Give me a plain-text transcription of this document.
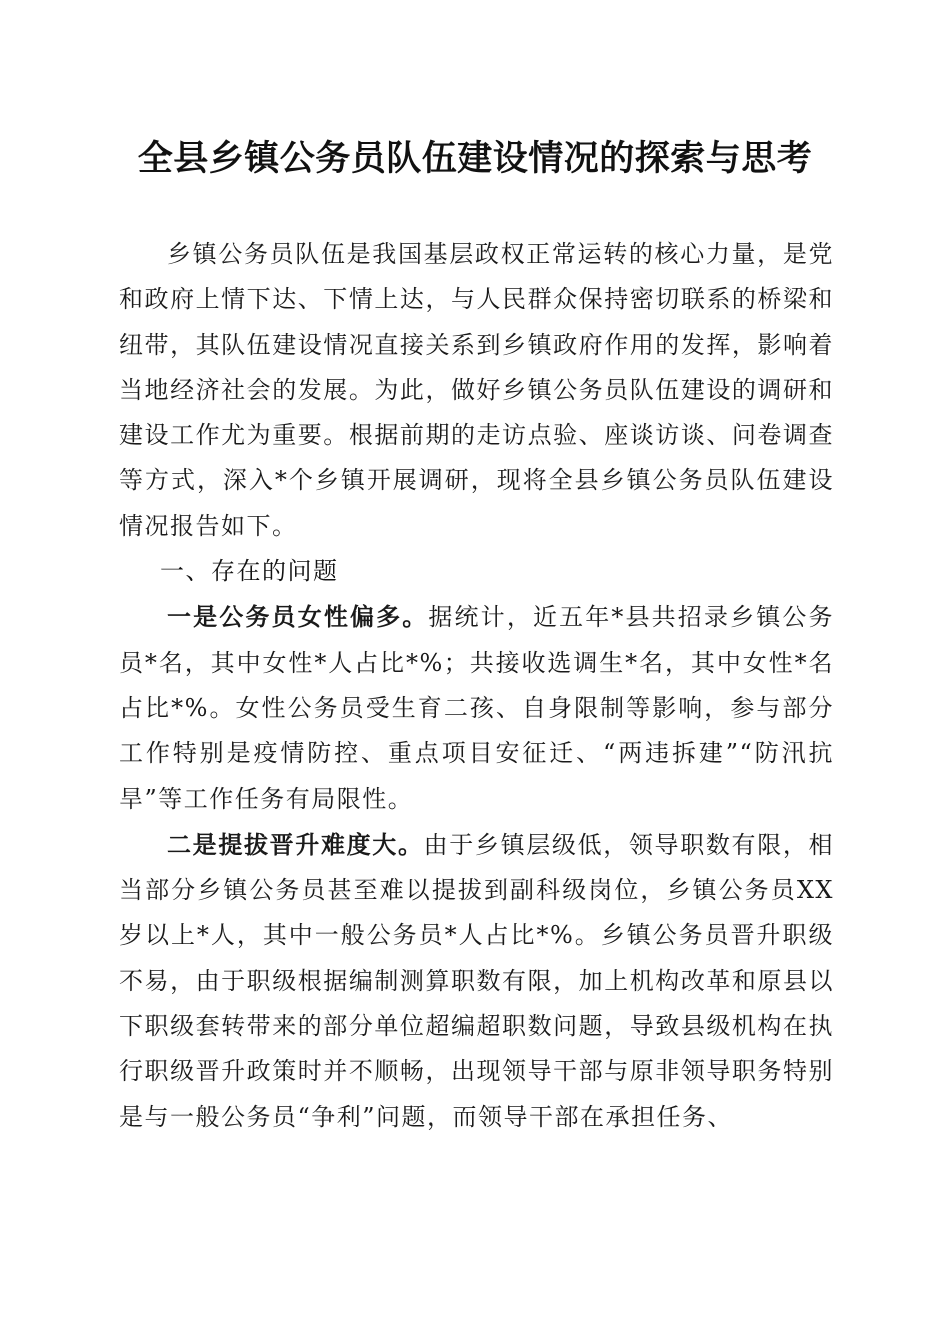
全县乡镇公务员队伍建设情况的探索与思考

乡镇公务员队伍是我国基层政权正常运转的核心力量，是党和政府上情下达、下情上达，与人民群众保持密切联系的桥梁和纽带，其队伍建设情况直接关系到乡镇政府作用的发挥，影响着当地经济社会的发展。为此，做好乡镇公务员队伍建设的调研和建设工作尤为重要。根据前期的走访点验、座谈访谈、问卷调查等方式，深入*个乡镇开展调研，现将全县乡镇公务员队伍建设情况报告如下。

一、存在的问题

一是公务员女性偏多。据统计，近五年*县共招录乡镇公务员*名，其中女性*人占比*%；共接收选调生*名，其中女性*名占比*%。女性公务员受生育二孩、自身限制等影响，参与部分工作特别是疫情防控、重点项目安征迁、“两违拆建”“防汛抗旱”等工作任务有局限性。

二是提拔晋升难度大。由于乡镇层级低，领导职数有限，相当部分乡镇公务员甚至难以提拔到副科级岗位，乡镇公务员XX岁以上*人，其中一般公务员*人占比*%。乡镇公务员晋升职级不易，由于职级根据编制测算职数有限，加上机构改革和原县以下职级套转带来的部分单位超编超职数问题，导致县级机构在执行职级晋升政策时并不顺畅，出现领导干部与原非领导职务特别是与一般公务员“争利”问题，而领导干部在承担任务、
